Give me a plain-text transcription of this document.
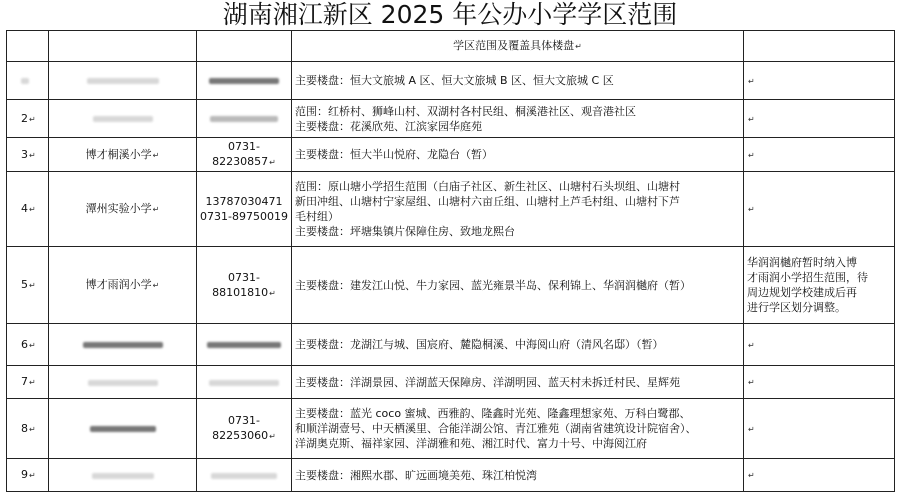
湖南湘江新区 2025 年公办小学学区范围
			学区范围及覆盖具体楼盘↵	

			主要楼盘：恒大文旅城 A 区、恒大文旅城 B 区、恒大文旅城 C 区	↵
2↵			范围：红桥村、狮峰山村、双湖村各村民组、桐溪港社区、观音港社区
主要楼盘：花溪欣苑、江滨家园华庭苑	↵
3↵	博才桐溪小学↵	0731-82230857↵	主要楼盘：恒大半山悦府、龙隐台（暂）	↵
4↵	潭州实验小学↵	13787030471
0731-89750019	范围：原山塘小学招生范围（白庙子社区、新生社区、山塘村石头坝组、山塘村
新田冲组、山塘村宁家屋组、山塘村六亩丘组、山塘村上芦毛村组、山塘村下芦
毛村组）
主要楼盘：坪塘集镇片保障住房、致地龙熙台	↵
5↵	博才雨润小学↵	0731-88101810↵	主要楼盘：建发江山悦、牛力家园、蓝光雍景半岛、保利锦上、华润润樾府（暂）	华润润樾府暂时纳入博
才雨润小学招生范围，待
周边规划学校建成后再
进行学区划分调整。

6↵			主要楼盘：龙湖江与城、国宸府、麓隐桐溪、中海阅山府（清风名邸）（暂）	↵
7↵			主要楼盘：洋湖景园、洋湖蓝天保障房、洋湖明园、蓝天村未拆迁村民、星辉苑	↵
8↵		0731-82253060↵	主要楼盘：蓝光 coco 蜜城、西雅韵、隆鑫时光苑、隆鑫理想家苑、万科白鹭郡、
和顺洋湖壹号、中天栖溪里、合能洋湖公馆、青江雅苑（湖南省建筑设计院宿舍）、
洋湖奥克斯、福祥家园、洋湖雅和苑、湘江时代、富力十号、中海阅江府	↵
9↵			主要楼盘：湘熙水郡、旷远画境美苑、珠江柏悦湾	↵
